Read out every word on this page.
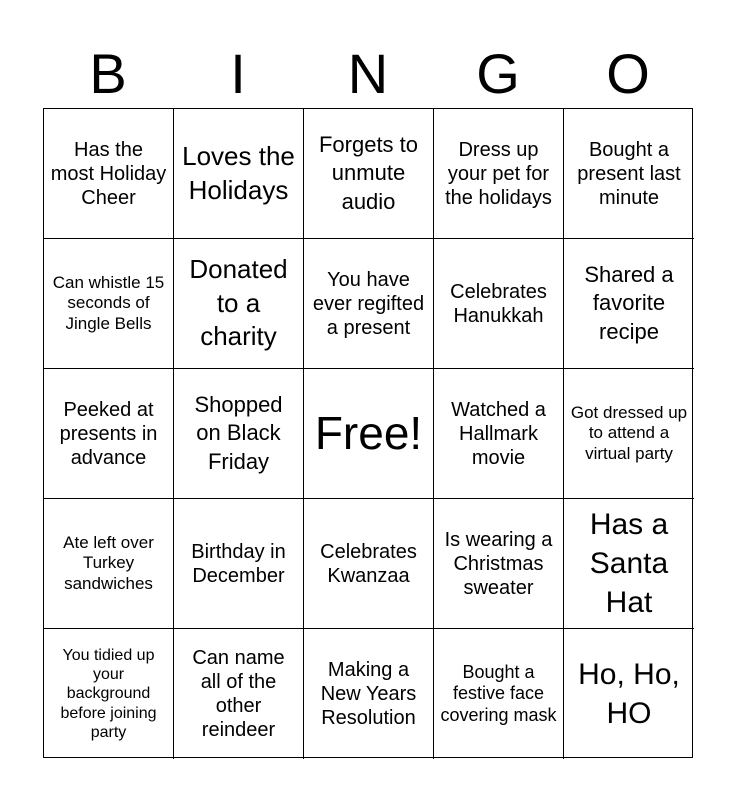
B	I	N	G	O
Has the most Holiday Cheer
Loves the Holidays
Forgets to unmute audio
Dress up your pet for the holidays
Bought a present last minute
Can whistle 15 seconds of Jingle Bells
Donated to a charity
You have ever regifted a present
Celebrates Hanukkah
Shared a favorite recipe
Peeked at presents in advance
Shopped on Black Friday
Free!	Watched a Hallmark movie
Got dressed up to attend a virtual party
Ate left over Turkey sandwiches
Birthday in December
Celebrates Kwanzaa
Is wearing a Christmas sweater
Has a Santa Hat
You tidied up your background before joining party
Can name all of the other reindeer
Making a New Years Resolution
Bought a festive face covering mask
Ho, Ho, HO
